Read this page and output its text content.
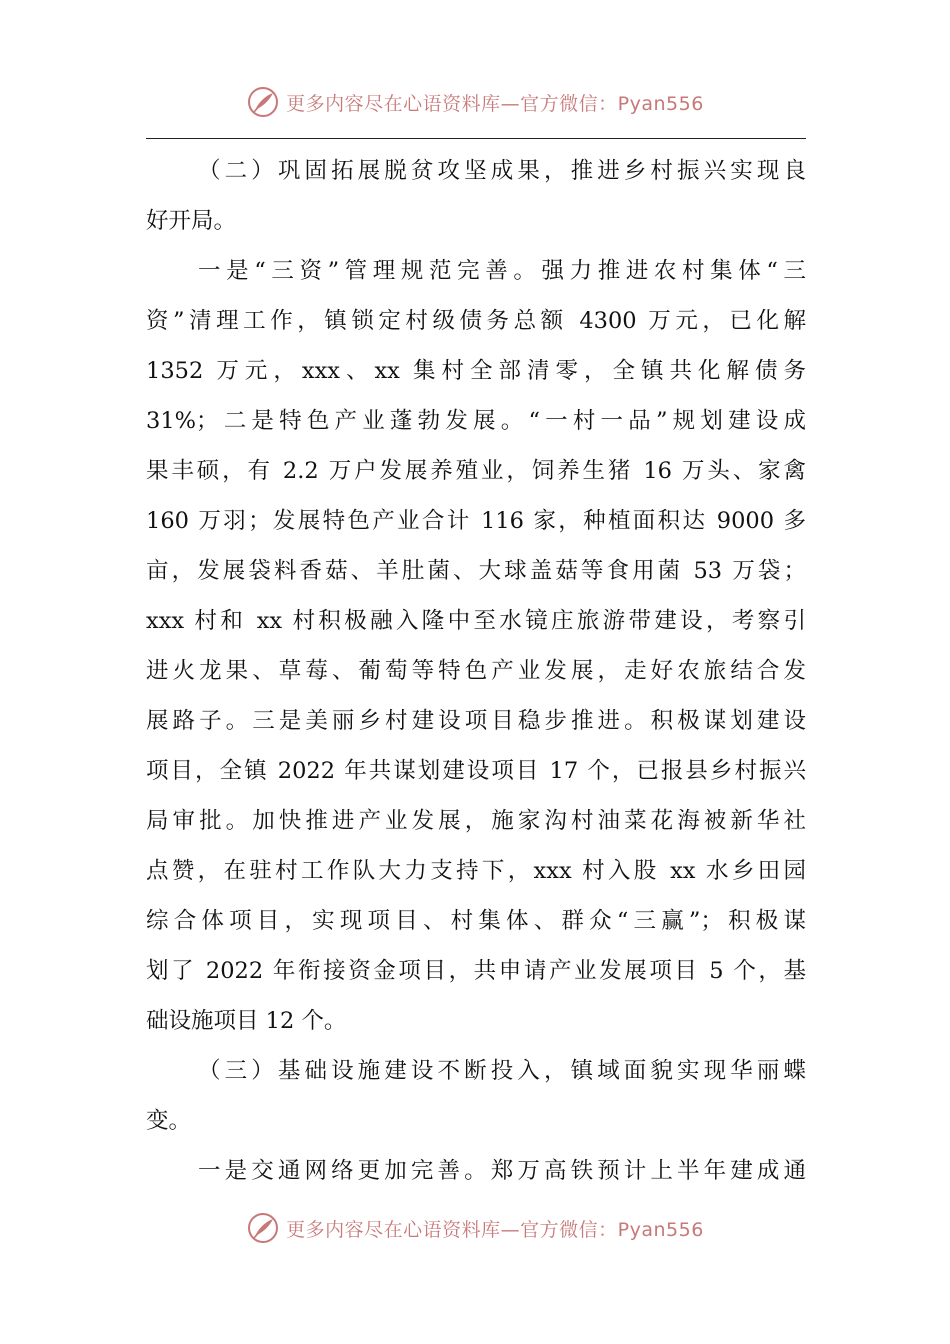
更多内容尽在心语资料库—官方微信：Pyan556
（二）巩固拓展脱贫攻坚成果，推进乡村振兴实现良
好开局。
一是“三资”管理规范完善。强力推进农村集体“三
资”清理工作，镇锁定村级债务总额 4300 万元，已化解
1352 万元，xxx、xx 集村全部清零，全镇共化解债务
31%；二是特色产业蓬勃发展。“一村一品”规划建设成
果丰硕，有 2.2 万户发展养殖业，饲养生猪 16 万头、家禽
160 万羽；发展特色产业合计 116 家，种植面积达 9000 多
亩，发展袋料香菇、羊肚菌、大球盖菇等食用菌 53 万袋；
xxx 村和 xx 村积极融入隆中至水镜庄旅游带建设，考察引
进火龙果、草莓、葡萄等特色产业发展，走好农旅结合发
展路子。三是美丽乡村建设项目稳步推进。积极谋划建设
项目，全镇 2022 年共谋划建设项目 17 个，已报县乡村振兴
局审批。加快推进产业发展，施家沟村油菜花海被新华社
点赞，在驻村工作队大力支持下，xxx 村入股 xx 水乡田园
综合体项目，实现项目、村集体、群众“三赢”；积极谋
划了 2022 年衔接资金项目，共申请产业发展项目 5 个，基
础设施项目 12 个。
（三）基础设施建设不断投入，镇域面貌实现华丽蝶
变。
一是交通网络更加完善。郑万高铁预计上半年建成通
更多内容尽在心语资料库—官方微信：Pyan556
